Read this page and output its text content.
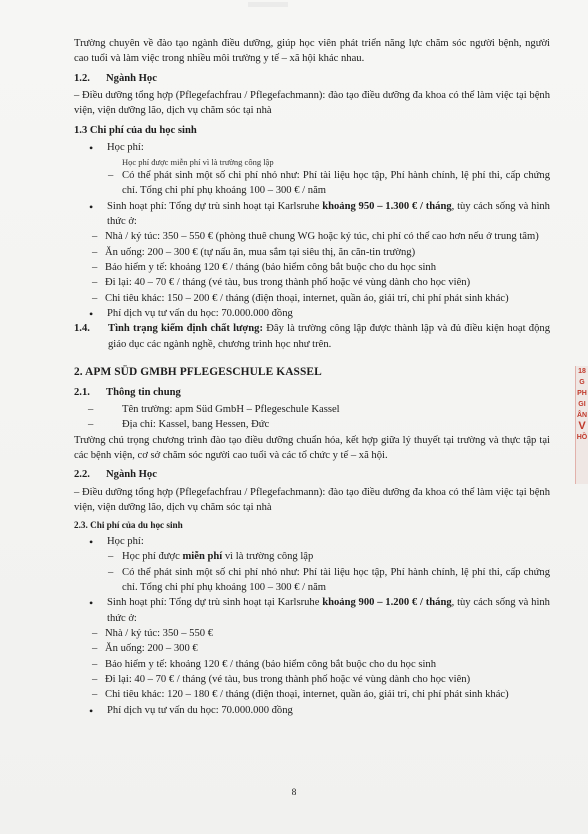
Trường chuyên về đào tạo ngành điều dưỡng, giúp học viên phát triển năng lực chăm sóc người bệnh, người cao tuổi và làm việc trong nhiều môi trường y tế – xã hội khác nhau.

1.2. Ngành Học

– Điều dưỡng tổng hợp (Pflegefachfrau / Pflegefachmann): đào tạo điều dưỡng đa khoa có thể làm việc tại bệnh viện, viện dưỡng lão, dịch vụ chăm sóc tại nhà

1.3 Chi phí của du học sinh
• Học phí:
Học phí được miễn phí vì là trường công lập
– Có thể phát sinh một số chi phí nhỏ như: Phí tài liệu học tập, Phí hành chính, lệ phí thi, cấp chứng chỉ. Tổng chi phí phụ khoảng 100 – 300 € / năm
• Sinh hoạt phí: Tổng dự trù sinh hoạt tại Karlsruhe khoảng 950 – 1.300 € / tháng, tùy cách sống và hình thức ở:
– Nhà / ký túc: 350 – 550 € (phòng thuê chung WG hoặc ký túc, chi phí có thể cao hơn nếu ở trung tâm)
– Ăn uống: 200 – 300 € (tự nấu ăn, mua sắm tại siêu thị, ăn căn-tin trường)
– Bảo hiểm y tế: khoảng 120 € / tháng (bảo hiểm công bắt buộc cho du học sinh
– Đi lại: 40 – 70 € / tháng (vé tàu, bus trong thành phố hoặc vé vùng dành cho học viên)
– Chi tiêu khác: 150 – 200 € / tháng (điện thoại, internet, quần áo, giải trí, chi phí phát sinh khác)
• Phí dịch vụ tư vấn du học: 70.000.000 đồng
1.4.	Tình trạng kiểm định chất lượng: Đây là trường công lập được thành lập và đủ điều kiện hoạt động giáo dục các ngành nghề, chương trình học như trên.
2. APM SÜD GMBH PFLEGESCHULE KASSEL
2.1. Thông tin chung
–	Tên trường: apm Süd GmbH – Pflegeschule Kassel
–	Địa chỉ: Kassel, bang Hessen, Đức

Trường chú trọng chương trình đào tạo điều dưỡng chuẩn hóa, kết hợp giữa lý thuyết tại trường và thực tập tại các bệnh viện, cơ sở chăm sóc người cao tuổi và các tổ chức y tế – xã hội.

2.2. Ngành Học

– Điều dưỡng tổng hợp (Pflegefachfrau / Pflegefachmann): đào tạo điều dưỡng đa khoa có thể làm việc tại bệnh viện, viện dưỡng lão, dịch vụ chăm sóc tại nhà

2.3. Chi phí của du học sinh
• Học phí:
– Học phí được miễn phí vì là trường công lập
– Có thể phát sinh một số chi phí nhỏ như: Phí tài liệu học tập, Phí hành chính, lệ phí thi, cấp chứng chỉ. Tổng chi phí phụ khoảng 100 – 300 € / năm
• Sinh hoạt phí: Tổng dự trù sinh hoạt tại Karlsruhe khoảng 900 – 1.200 € / tháng, tùy cách sống và hình thức ở:
– Nhà / ký túc: 350 – 550 €
– Ăn uống: 200 – 300 €
– Bảo hiểm y tế: khoảng 120 € / tháng (bảo hiểm công bắt buộc cho du học sinh
– Đi lại: 40 – 70 € / tháng (vé tàu, bus trong thành phố hoặc vé vùng dành cho học viên)
– Chi tiêu khác: 120 – 180 € / tháng (điện thoại, internet, quần áo, giải trí, chi phí phát sinh khác)
• Phí dịch vụ tư vấn du học: 70.000.000 đồng
8
18
G
PH
GI
ÂN
V
HỒ
